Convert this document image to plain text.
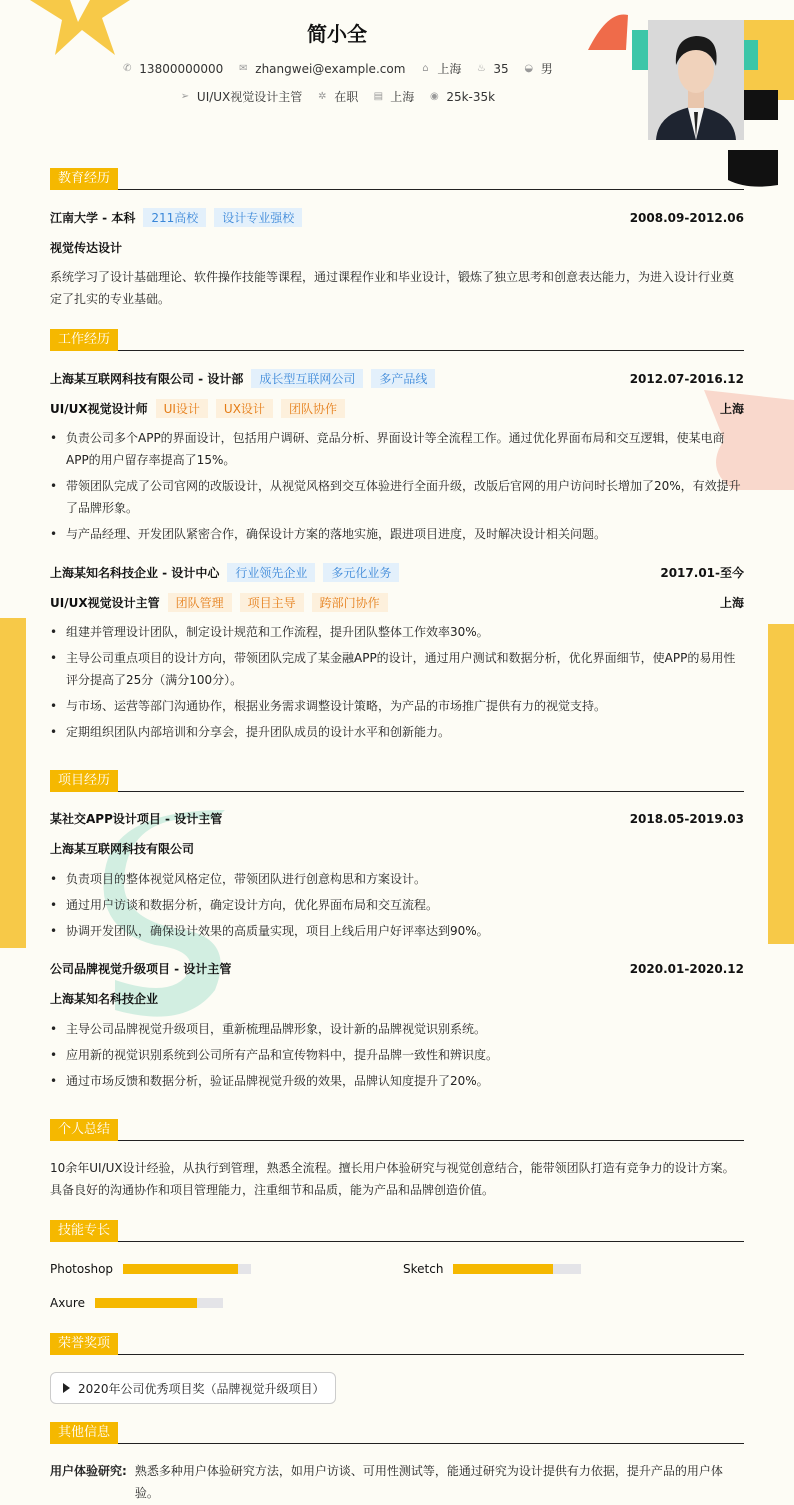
简小全
✆ 13800000000 ✉ zhangwei@example.com ⌂ 上海 ♨ 35 ◒ 男
➢ UI/UX视觉设计主管 ✲ 在职 ▤ 上海 ◉ 25k-35k
教育经历
江南大学 - 本科	211高校	设计专业强校	2008.09-2012.06
视觉传达设计
系统学习了设计基础理论、软件操作技能等课程，通过课程作业和毕业设计，锻炼了独立思考和创意表达能力，为进入设计行业奠定了扎实的专业基础。
工作经历
上海某互联网科技有限公司 - 设计部	成长型互联网公司	多产品线	2012.07-2016.12
UI/UX视觉设计师	UI设计	UX设计	团队协作	上海
• 负责公司多个APP的界面设计，包括用户调研、竞品分析、界面设计等全流程工作。通过优化界面布局和交互逻辑，使某电商APP的用户留存率提高了15%。
• 带领团队完成了公司官网的改版设计，从视觉风格到交互体验进行全面升级，改版后官网的用户访问时长增加了20%，有效提升了品牌形象。
• 与产品经理、开发团队紧密合作，确保设计方案的落地实施，跟进项目进度，及时解决设计相关问题。
上海某知名科技企业 - 设计中心	行业领先企业	多元化业务	2017.01-至今
UI/UX视觉设计主管	团队管理	项目主导	跨部门协作	上海
• 组建并管理设计团队，制定设计规范和工作流程，提升团队整体工作效率30%。
• 主导公司重点项目的设计方向，带领团队完成了某金融APP的设计，通过用户测试和数据分析，优化界面细节，使APP的易用性评分提高了25分（满分100分）。
• 与市场、运营等部门沟通协作，根据业务需求调整设计策略，为产品的市场推广提供有力的视觉支持。
• 定期组织团队内部培训和分享会，提升团队成员的设计水平和创新能力。
项目经历
某社交APP设计项目 - 设计主管	2018.05-2019.03
上海某互联网科技有限公司
• 负责项目的整体视觉风格定位，带领团队进行创意构思和方案设计。
• 通过用户访谈和数据分析，确定设计方向，优化界面布局和交互流程。
• 协调开发团队，确保设计效果的高质量实现，项目上线后用户好评率达到90%。
公司品牌视觉升级项目 - 设计主管	2020.01-2020.12
上海某知名科技企业
• 主导公司品牌视觉升级项目，重新梳理品牌形象，设计新的品牌视觉识别系统。
• 应用新的视觉识别系统到公司所有产品和宣传物料中，提升品牌一致性和辨识度。
• 通过市场反馈和数据分析，验证品牌视觉升级的效果，品牌认知度提升了20%。
个人总结
10余年UI/UX设计经验，从执行到管理，熟悉全流程。擅长用户体验研究与视觉创意结合，能带领团队打造有竞争力的设计方案。具备良好的沟通协作和项目管理能力，注重细节和品质，能为产品和品牌创造价值。
技能专长
Photoshop	Sketch
Axure
荣誉奖项
2020年公司优秀项目奖（品牌视觉升级项目）
其他信息
用户体验研究: 熟悉多种用户体验研究方法，如用户访谈、可用性测试等，能通过研究为设计提供有力依据，提升产品的用户体验。
